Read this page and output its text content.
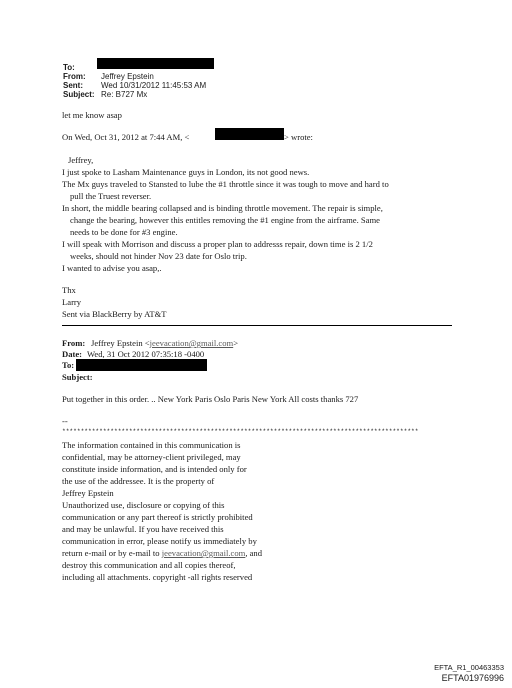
To:
From: Jeffrey Epstein
Sent: Wed 10/31/2012 11:45:53 AM
Subject: Re: B727 Mx
let me know asap
On Wed, Oct 31, 2012 at 7:44 AM, <	> wrote:
Jeffrey,
I just spoke to Lasham Maintenance guys in London, its not good news.
The Mx guys traveled to Stansted to lube the #1 throttle since it was tough to move and hard to
pull the Truest reverser.
In short, the middle bearing collapsed and is binding throttle movement. The repair is simple,
change the bearing, however this entitles removing the #1 engine from the airframe. Same
needs to be done for #3 engine.
I will speak with Morrison and discuss a proper plan to addresss repair, down time is 2 1/2
weeks, should not hinder Nov 23 date for Oslo trip.
I wanted to advise you asap,.
Thx
Larry
Sent via BlackBerry by AT&T
From: Jeffrey Epstein <jeevacation@gmail.com>
Date: Wed, 31 Oct 2012 07:35:18 -0400
To:
Subject:
Put together in this order. .. New York Paris Oslo Paris New York All costs thanks 727
--
************************************************************************************************
The information contained in this communication is
confidential, may be attorney-client privileged, may
constitute inside information, and is intended only for
the use of the addressee. It is the property of
Jeffrey Epstein
Unauthorized use, disclosure or copying of this
communication or any part thereof is strictly prohibited
and may be unlawful. If you have received this
communication in error, please notify us immediately by
return e-mail or by e-mail to jeevacation@gmail.com, and
destroy this communication and all copies thereof,
including all attachments. copyright -all rights reserved
EFTA_R1_00463353
EFTA01976996
